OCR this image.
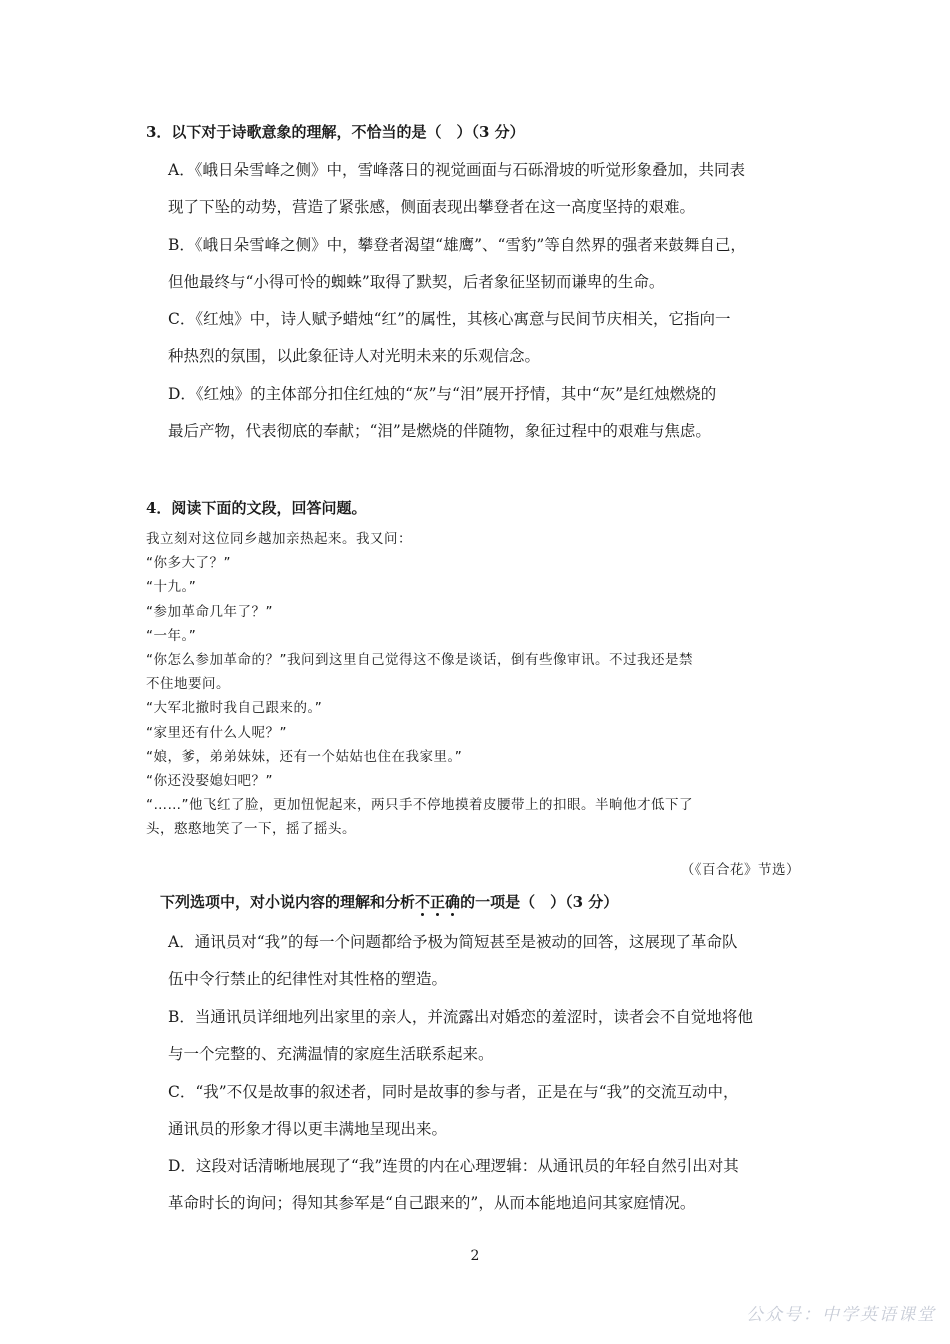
3．以下对于诗歌意象的理解，不恰当的是（　）（3 分）
A．《峨日朵雪峰之侧》中，雪峰落日的视觉画面与石砾滑坡的听觉形象叠加，共同表
现了下坠的动势，营造了紧张感，侧面表现出攀登者在这一高度坚持的艰难。
B．《峨日朵雪峰之侧》中，攀登者渴望“雄鹰”、“雪豹”等自然界的强者来鼓舞自己，
但他最终与“小得可怜的蜘蛛”取得了默契，后者象征坚韧而谦卑的生命。
C．《红烛》中，诗人赋予蜡烛“红”的属性，其核心寓意与民间节庆相关，它指向一
种热烈的氛围，以此象征诗人对光明未来的乐观信念。
D．《红烛》的主体部分扣住红烛的“灰”与“泪”展开抒情，其中“灰”是红烛燃烧的
最后产物，代表彻底的奉献；“泪”是燃烧的伴随物，象征过程中的艰难与焦虑。
4．阅读下面的文段，回答问题。
我立刻对这位同乡越加亲热起来。我又问：
“你多大了？”
“十九。”
“参加革命几年了？”
“一年。”
“你怎么参加革命的？”我问到这里自己觉得这不像是谈话，倒有些像审讯。不过我还是禁
不住地要问。
“大军北撤时我自己跟来的。”
“家里还有什么人呢？”
“娘，爹，弟弟妹妹，还有一个姑姑也住在我家里。”
“你还没娶媳妇吧？”
“……”他飞红了脸，更加忸怩起来，两只手不停地摸着皮腰带上的扣眼。半晌他才低下了
头，憨憨地笑了一下，摇了摇头。
（《百合花》节选）
下列选项中，对小说内容的理解和分析不正确的一项是（　）（3 分）
A．通讯员对“我”的每一个问题都给予极为简短甚至是被动的回答，这展现了革命队
伍中令行禁止的纪律性对其性格的塑造。
B．当通讯员详细地列出家里的亲人，并流露出对婚恋的羞涩时，读者会不自觉地将他
与一个完整的、充满温情的家庭生活联系起来。
C．“我”不仅是故事的叙述者，同时是故事的参与者，正是在与“我”的交流互动中，
通讯员的形象才得以更丰满地呈现出来。
D．这段对话清晰地展现了“我”连贯的内在心理逻辑：从通讯员的年轻自然引出对其
革命时长的询问；得知其参军是“自己跟来的”，从而本能地追问其家庭情况。
2
公众号：中学英语课堂
